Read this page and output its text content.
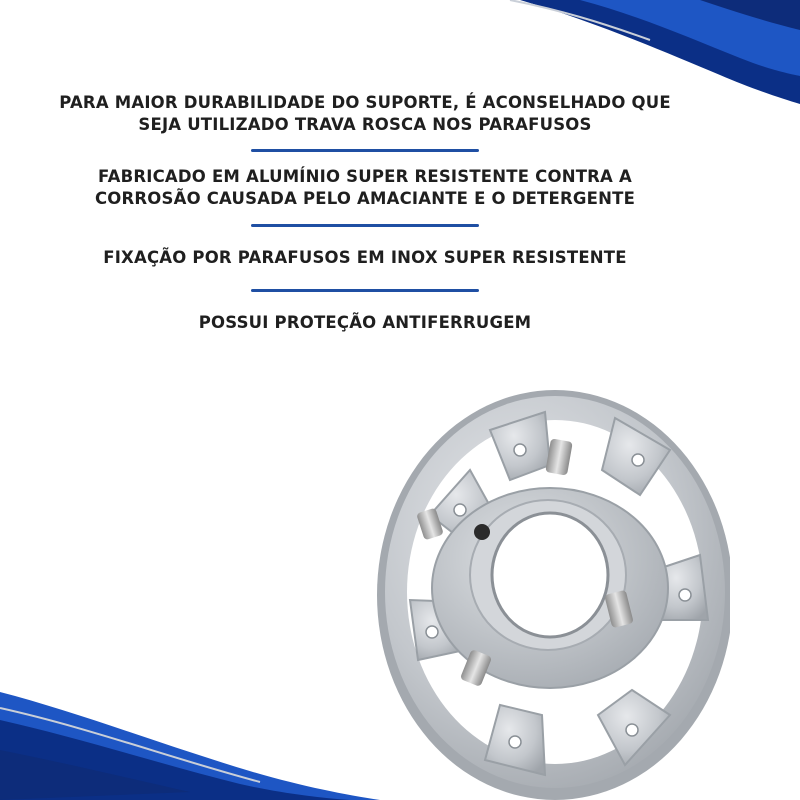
PARA MAIOR DURABILIDADE DO SUPORTE, É ACONSELHADO QUE SEJA UTILIZADO TRAVA ROSCA NOS PARAFUSOS

FABRICADO EM ALUMÍNIO SUPER RESISTENTE CONTRA A CORROSÃO CAUSADA PELO AMACIANTE E O DETERGENTE

FIXAÇÃO POR PARAFUSOS EM INOX SUPER RESISTENTE

POSSUI PROTEÇÃO ANTIFERRUGEM
